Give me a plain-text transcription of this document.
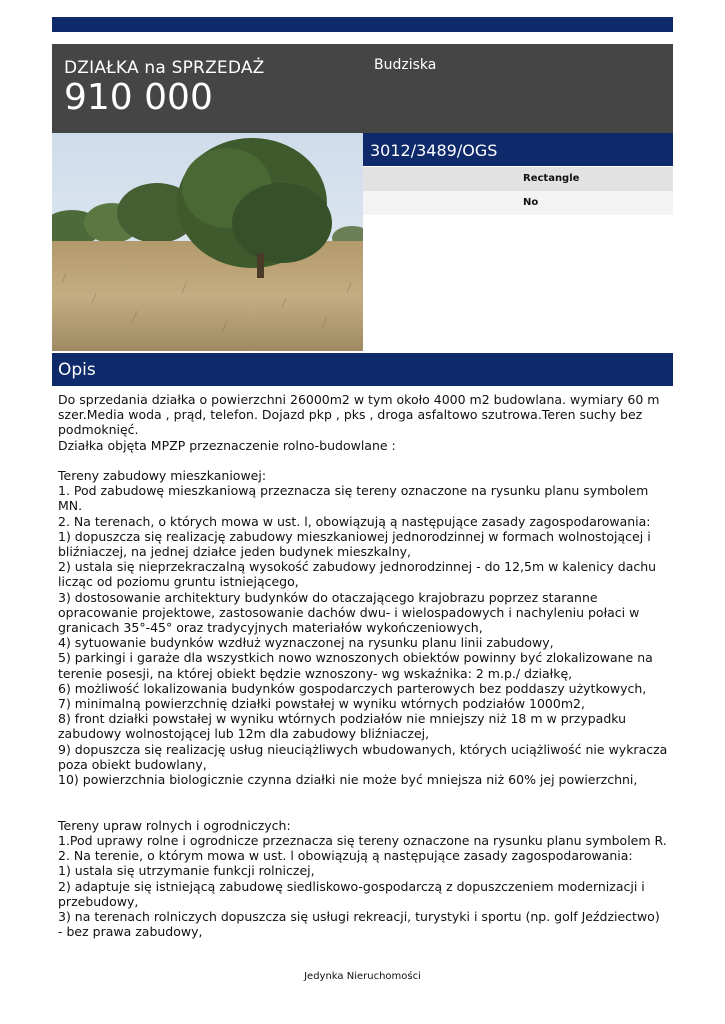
DZIAŁKA na SPRZEDAŻ
910 000
Budziska
3012/3489/OGS
Rectangle
No
Opis
Do sprzedania działka o powierzchni 26000m2 w tym około 4000 m2 budowlana. wymiary 60 m szer.Media woda , prąd, telefon. Dojazd pkp , pks , droga asfaltowo szutrowa.Teren suchy bez podmoknięć.
Działka objęta MPZP przeznaczenie rolno-budowlane :

Tereny zabudowy mieszkaniowej:
1. Pod zabudowę mieszkaniową przeznacza się tereny oznaczone na rysunku planu symbolem MN.
2. Na terenach, o których mowa w ust. l, obowiązują ą następujące zasady zagospodarowania:
1) dopuszcza się realizację zabudowy mieszkaniowej jednorodzinnej w formach wolnostojącej i bliźniaczej, na jednej działce jeden budynek mieszkalny,
2) ustala się nieprzekraczalną wysokość zabudowy jednorodzinnej - do 12,5m w kalenicy dachu licząc od poziomu gruntu istniejącego,
3) dostosowanie architektury budynków do otaczającego krajobrazu poprzez staranne opracowanie projektowe, zastosowanie dachów dwu- i wielospadowych i nachyleniu połaci w granicach 35°-45° oraz tradycyjnych materiałów wykończeniowych,
4) sytuowanie budynków wzdłuż wyznaczonej na rysunku planu linii zabudowy,
5) parkingi i garaże dla wszystkich nowo wznoszonych obiektów powinny być zlokalizowane na terenie posesji, na której obiekt będzie wznoszony- wg wskaźnika: 2 m.p./ działkę,
6) możliwość lokalizowania budynków gospodarczych parterowych bez poddaszy użytkowych,
7) minimalną powierzchnię działki powstałej w wyniku wtórnych podziałów 1000m2,
8) front działki powstałej w wyniku wtórnych podziałów nie mniejszy niż 18 m w przypadku zabudowy wolnostojącej lub 12m dla zabudowy bliźniaczej,
9) dopuszcza się realizację usług nieuciążliwych wbudowanych, których uciążliwość nie wykracza poza obiekt budowlany,
10) powierzchnia biologicznie czynna działki nie może być mniejsza niż 60% jej powierzchni,

Tereny upraw rolnych i ogrodniczych:
1.Pod uprawy rolne i ogrodnicze przeznacza się tereny oznaczone na rysunku planu symbolem R.
2. Na terenie, o którym mowa w ust. l obowiązują ą następujące zasady zagospodarowania:
1) ustala się utrzymanie funkcji rolniczej,
2) adaptuje się istniejącą zabudowę siedliskowo-gospodarczą z dopuszczeniem modernizacji i przebudowy,
3) na terenach rolniczych dopuszcza się usługi rekreacji, turystyki i sportu (np. golf Jeździectwo) - bez prawa zabudowy,
Jedynka Nieruchomości
